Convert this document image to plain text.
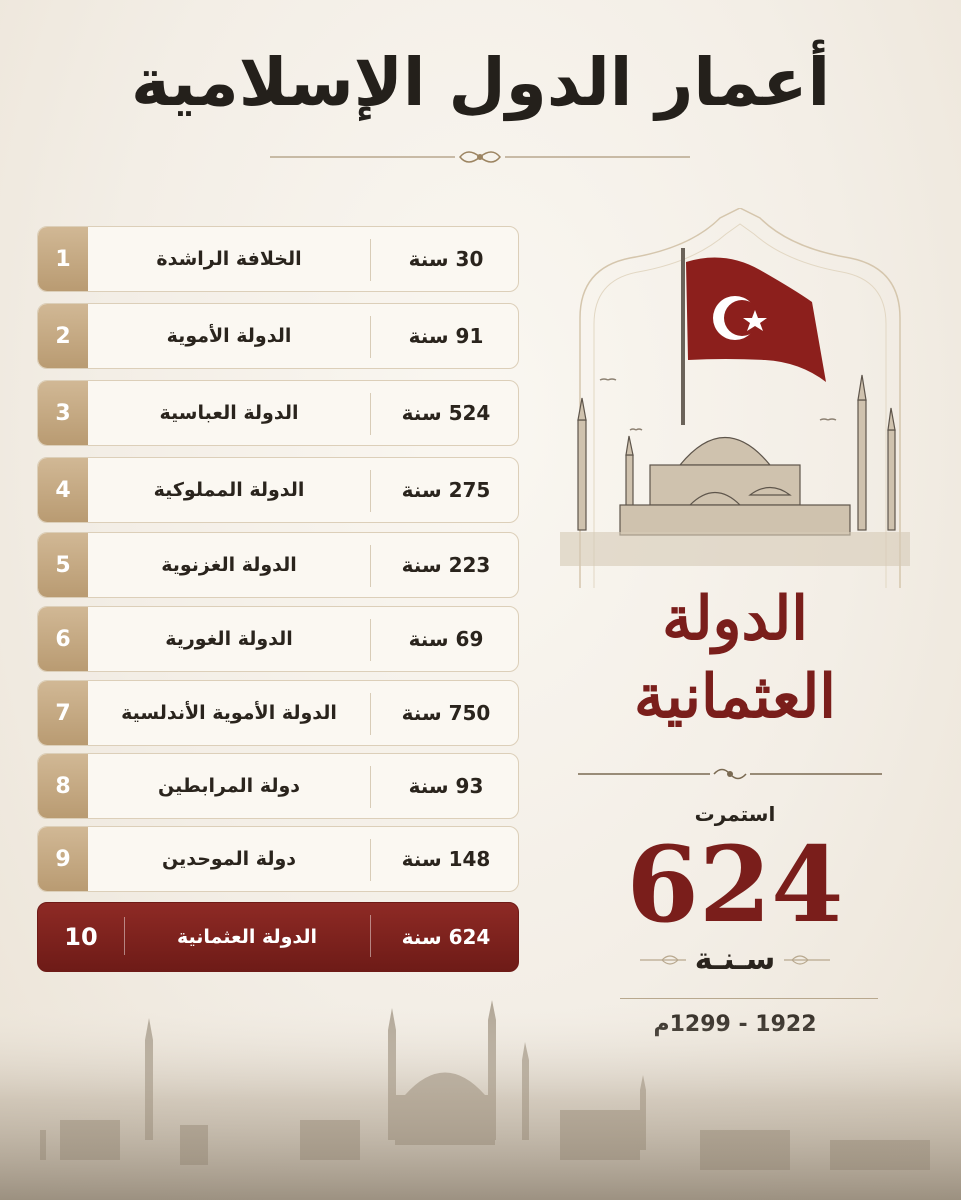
أعمار الدول الإسلامية
1	الخلافة الراشدة	30 سنة
2	الدولة الأموية	91 سنة
3	الدولة العباسية	524 سنة
4	الدولة المملوكية	275 سنة
5	الدولة الغزنوية	223 سنة
6	الدولة الغورية	69 سنة
7	الدولة الأموية الأندلسية	750 سنة
8	دولة المرابطين	93 سنة
9	دولة الموحدين	148 سنة
10	الدولة العثمانية	624 سنة
الدولة
العثمانية
استمرت
624
سـنـة
